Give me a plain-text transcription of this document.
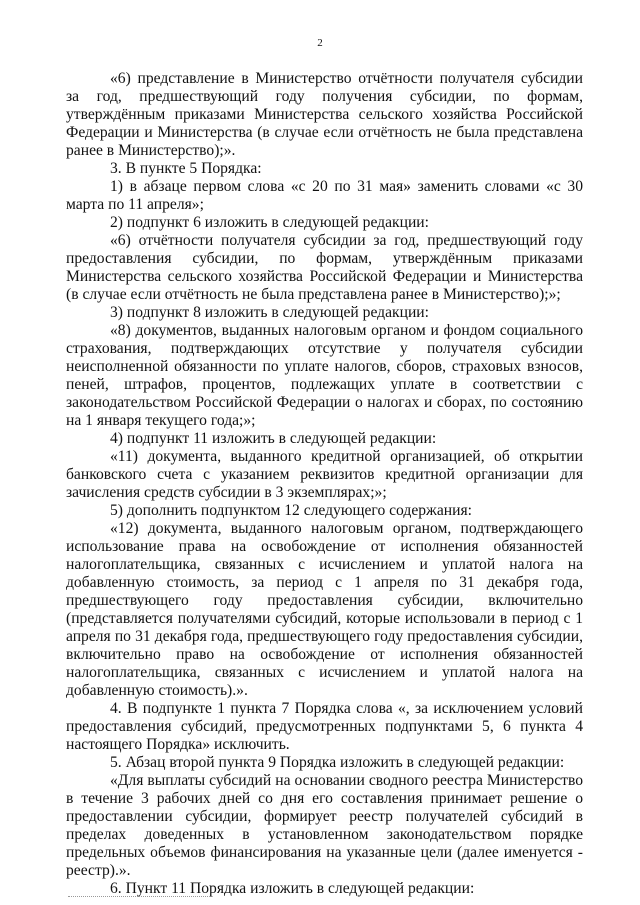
2

«6) представление в Министерство отчётности получателя субсидии за год, предшествующий году получения субсидии, по формам, утверждённым приказами Министерства сельского хозяйства Российской Федерации и Министерства (в случае если отчётность не была представлена ранее в Министерство);».

3. В пункте 5 Порядка:

1) в абзаце первом слова «с 20 по 31 мая» заменить словами «с 30 марта по 11 апреля»;

2) подпункт 6 изложить в следующей редакции:

«6) отчётности получателя субсидии за год, предшествующий году предоставления субсидии, по формам, утверждённым приказами Министерства сельского хозяйства Российской Федерации и Министерства (в случае если отчётность не была представлена ранее в Министерство);»;

3) подпункт 8 изложить в следующей редакции:

«8) документов, выданных налоговым органом и фондом социального страхования, подтверждающих отсутствие у получателя субсидии неисполненной обязанности по уплате налогов, сборов, страховых взносов, пеней, штрафов, процентов, подлежащих уплате в соответствии с законодательством Российской Федерации о налогах и сборах, по состоянию на 1 января текущего года;»;

4) подпункт 11 изложить в следующей редакции:

«11) документа, выданного кредитной организацией, об открытии банковского счета с указанием реквизитов кредитной организации для зачисления средств субсидии в 3 экземплярах;»;

5) дополнить подпунктом 12 следующего содержания:

«12) документа, выданного налоговым органом, подтверждающего использование права на освобождение от исполнения обязанностей налогоплательщика, связанных с исчислением и уплатой налога на добавленную стоимость, за период с 1 апреля по 31 декабря года, предшествующего году предоставления субсидии, включительно (представляется получателями субсидий, которые использовали в период с 1 апреля по 31 декабря года, предшествующего году предоставления субсидии, включительно право на освобождение от исполнения обязанностей налогоплательщика, связанных с исчислением и уплатой налога на добавленную стоимость).».

4. В подпункте 1 пункта 7 Порядка слова «, за исключением условий предоставления субсидий, предусмотренных подпунктами 5, 6 пункта 4 настоящего Порядка» исключить.

5. Абзац второй пункта 9 Порядка изложить в следующей редакции:

«Для выплаты субсидий на основании сводного реестра Министерство в течение 3 рабочих дней со дня его составления принимает решение о предоставлении субсидии, формирует реестр получателей субсидий в пределах доведенных в установленном законодательством порядке предельных объемов финансирования на указанные цели (далее именуется - реестр).».

6. Пункт 11 Порядка изложить в следующей редакции:
